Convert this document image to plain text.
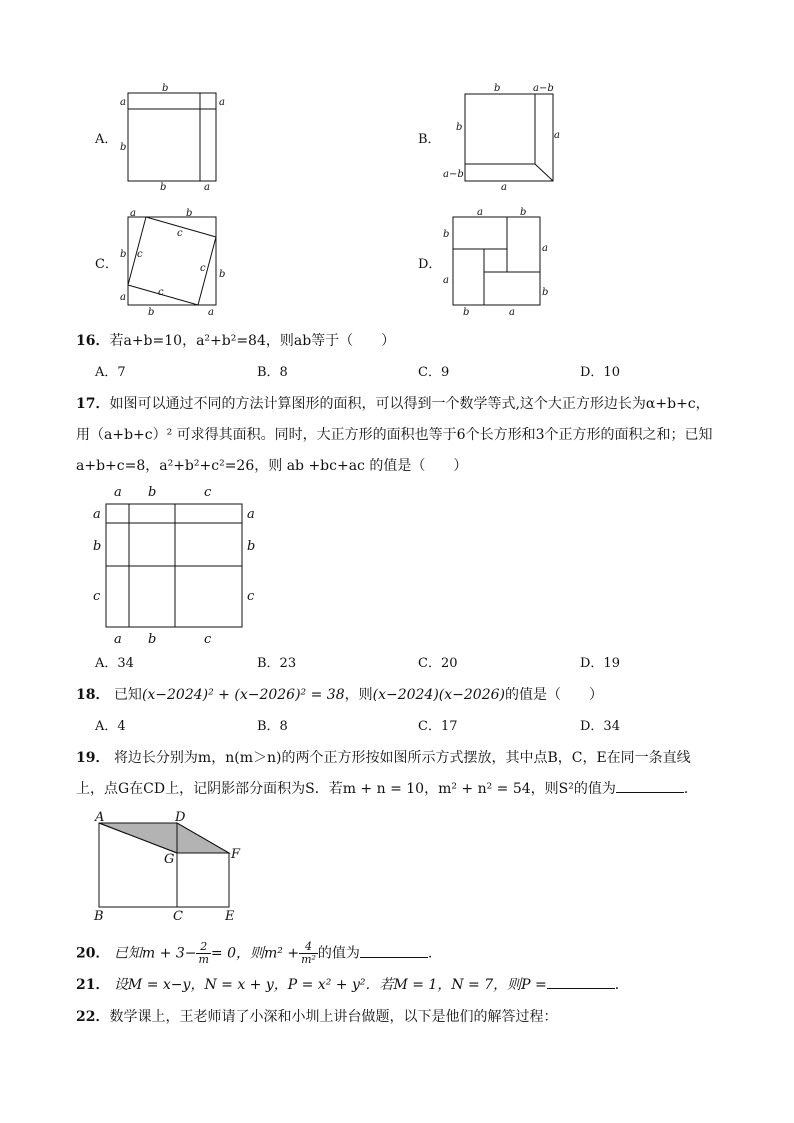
A．
b
a	a
b
b	a
B．
b	a−b
b
a
a−b
a
C．
a	b
c
b c
c
b
a	c
b	a
D．
a	b
b
a
a
b
b	a
16．若a+b=10，a²+b²=84，则ab等于（　　）
A．7	B．8	C．9	D．10
17．如图可以通过不同的方法计算图形的面积，可以得到一个数学等式,这个大正方形边长为α+b+c，
用（a+b+c）² 可求得其面积。同时，大正方形的面积也等于6个长方形和3个正方形的面积之和；已知
a+b+c=8，a²+b²+c²=26，则 ab +bc+ac 的值是（　　）
a b	c
a
b
c
a
b
c
a b	c
A．34	B．23	C．20	D．19
18． 已知(x−2024)² + (x−2026)² = 38，则(x−2024)(x−2026)的值是（　　）
A．4	B．8	C．17	D．34
19． 将边长分别为m，n(m＞n)的两个正方形按如图所示方式摆放，其中点B，C，E在同一条直线
上，点G在CD上，记阴影部分面积为S．若m + n = 10，m² + n² = 54，则S²的值为	．
A	D
G	F
B	C	E
20． 已知$m + 3- \frac{2}{m} = 0$，则$m^2 + \frac{4}{\text{m²}}$ 的值为	.
21． 设M = x−y，N = x + y，P = x² + y²．若M = 1，N = 7，则P =	．
22．数学课上，王老师请了小深和小圳上讲台做题，以下是他们的解答过程：
